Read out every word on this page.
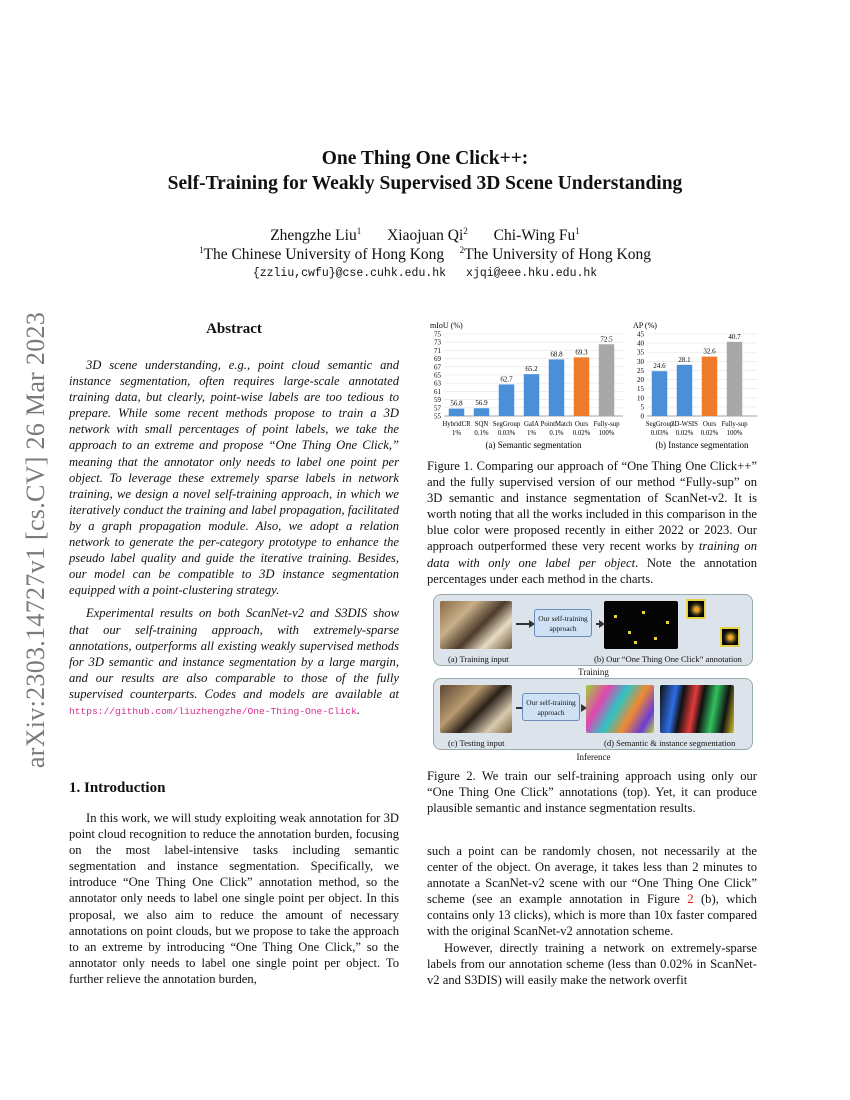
arXiv:2303.14727v1 [cs.CV] 26 Mar 2023
One Thing One Click++:
Self-Training for Weakly Supervised 3D Scene Understanding
Zhengzhe Liu$^1$ Xiaojuan Qi$^2$ Chi-Wing Fu$^1$
$^1$The Chinese University of Hong Kong $^2$The University of Hong Kong
{zzliu,cwfu}@cse.cuhk.edu.hk xjqi@eee.hku.edu.hk
Abstract

3D scene understanding, e.g., point cloud semantic and instance segmentation, often requires large-scale annotated training data, but clearly, point-wise labels are too tedious to prepare. While some recent methods propose to train a 3D network with small percentages of point labels, we take the approach to an extreme and propose “One Thing One Click,” meaning that the annotator only needs to label one point per object. To leverage these extremely sparse labels in network training, we design a novel self-training approach, in which we iteratively conduct the training and label propagation, facilitated by a graph propagation module. Also, we adopt a relation network to generate the per-category prototype to enhance the pseudo label quality and guide the iterative training. Besides, our model can be compatible to 3D instance segmentation equipped with a point-clustering strategy.

Experimental results on both ScanNet-v2 and S3DIS show that our self-training approach, with extremely-sparse annotations, outperforms all existing weakly supervised methods for 3D semantic and instance segmentation by a large margin, and our results are also comparable to those of the fully supervised counterparts. Codes and models are available at https://github.com/liuzhengzhe/One-Thing-One-Click.

1. Introduction

In this work, we will study exploiting weak annotation for 3D point cloud recognition to reduce the annotation burden, focusing on the most label-intensive tasks including semantic segmentation and instance segmentation. Specifically, we introduce “One Thing One Click” annotation method, so the annotator only needs to label one single point per object. In this proposal, we also aim to reduce the amount of necessary annotations on point clouds, but we propose to take the approach to an extreme by introducing “One Thing One Click,” so the annotator only needs to label one single point per object. To further relieve the annotation burden,

mIoU (%)
55
57
59
61
63
65
67
69
71
73
75
56.8
HybridCR
1%
56.9
SQN
0.1%
62.7
SegGroup
0.03%
65.2
GaIA
1%
68.8
PointMatch
0.1%
69.3
Ours
0.02%
72.5
Fully-sup
100%
(a) Semantic segmentation
AP (%)
0
5
10
15
20
25
30
35
40
45
24.6
SegGroup
0.03%
28.1
3D-WSIS
0.02%
32.6
Ours
0.02%
40.7
Fully-sup
100%
(b) Instance segmentation
Figure 1. Comparing our approach of “One Thing One Click++” and the fully supervised version of our method “Fully-sup” on 3D semantic and instance segmentation of ScanNet-v2. It is worth noting that all the works included in this comparison in the blue color were proposed recently in either 2022 or 2023. Our approach outperformed these very recent works by training on data with only one label per object. Note the annotation percentages under each method in the charts.
Our self-training approach
(a) Training input	(b) Our “One Thing One Click” annotation
Training
Our self-training approach
(c) Testing input	(d) Semantic & instance segmentation
Inference
Figure 2. We train our self-training approach using only our “One Thing One Click” annotations (top). Yet, it can produce plausible semantic and instance segmentation results.

such a point can be randomly chosen, not necessarily at the center of the object. On average, it takes less than 2 minutes to annotate a ScanNet-v2 scene with our “One Thing One Click” scheme (see an example annotation in Figure 2 (b), which contains only 13 clicks), which is more than 10x faster compared with the original ScanNet-v2 annotation scheme.

However, directly training a network on extremely-sparse labels from our annotation scheme (less than 0.02% in ScanNet-v2 and S3DIS) will easily make the network overfit
